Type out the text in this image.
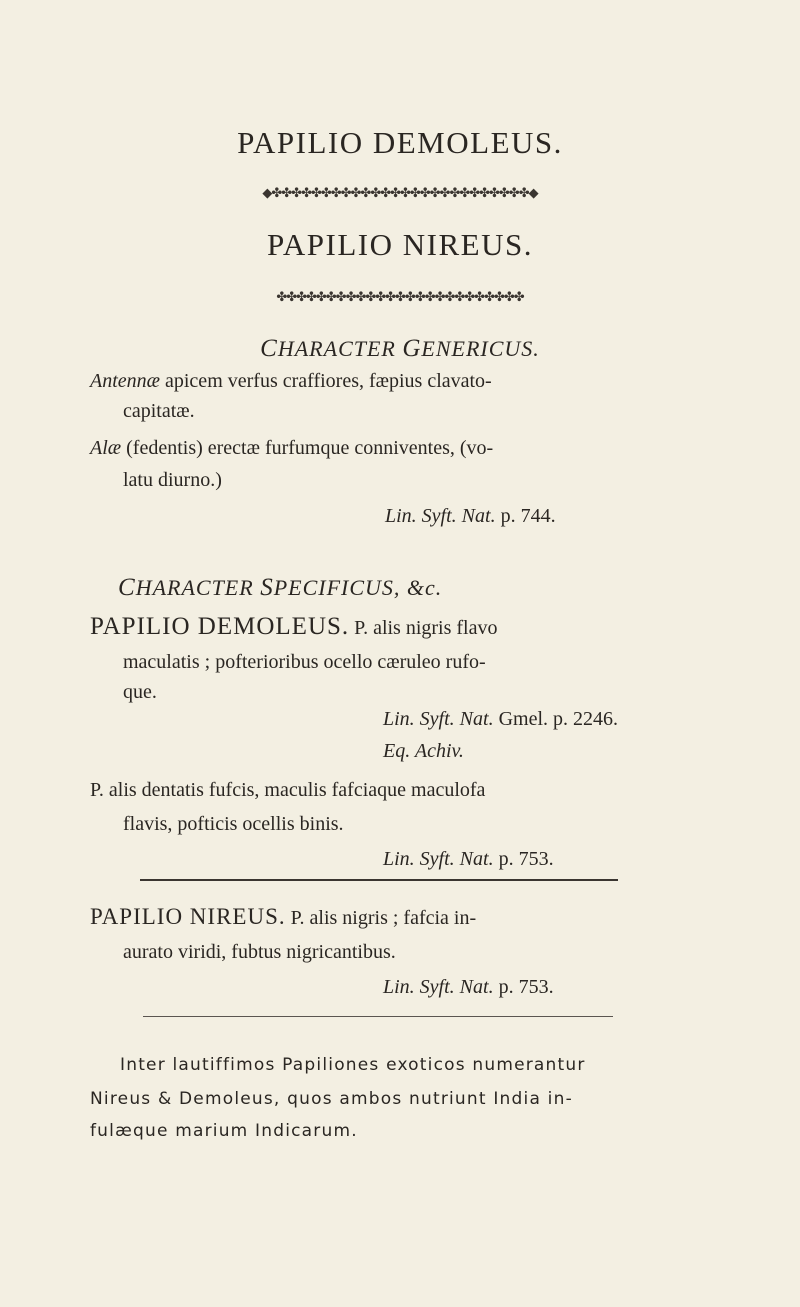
PAPILIO DEMOLEUS.
◆✤✤✤✤✤✤✤✤✤✤✤✤✤✤✤✤✤✤✤✤✤✤✤✤✤✤◆
PAPILIO NIREUS.
✤✤✤✤✤✤✤✤✤✤✤✤✤✤✤✤✤✤✤✤✤✤✤✤✤
CHARACTER GENERICUS.
Antennæ apicem verfus craffiores, fæpius clavato-
capitatæ.
Alæ (fedentis) erectæ furfumque conniventes, (vo-
latu diurno.)
Lin. Syft. Nat. p. 744.
CHARACTER SPECIFICUS, &c.
PAPILIO DEMOLEUS. P. alis nigris flavo
maculatis ; pofterioribus ocello cæruleo rufo-
que.
Lin. Syft. Nat. Gmel. p. 2246.
Eq. Achiv.
P. alis dentatis fufcis, maculis fafciaque maculofa
flavis, pofticis ocellis binis.
Lin. Syft. Nat. p. 753.
PAPILIO NIREUS. P. alis nigris ; fafcia in-
aurato viridi, fubtus nigricantibus.
Lin. Syft. Nat. p. 753.
Inter lautiffimos Papiliones exoticos numerantur
Nireus & Demoleus, quos ambos nutriunt India in-
fulæque marium Indicarum.
